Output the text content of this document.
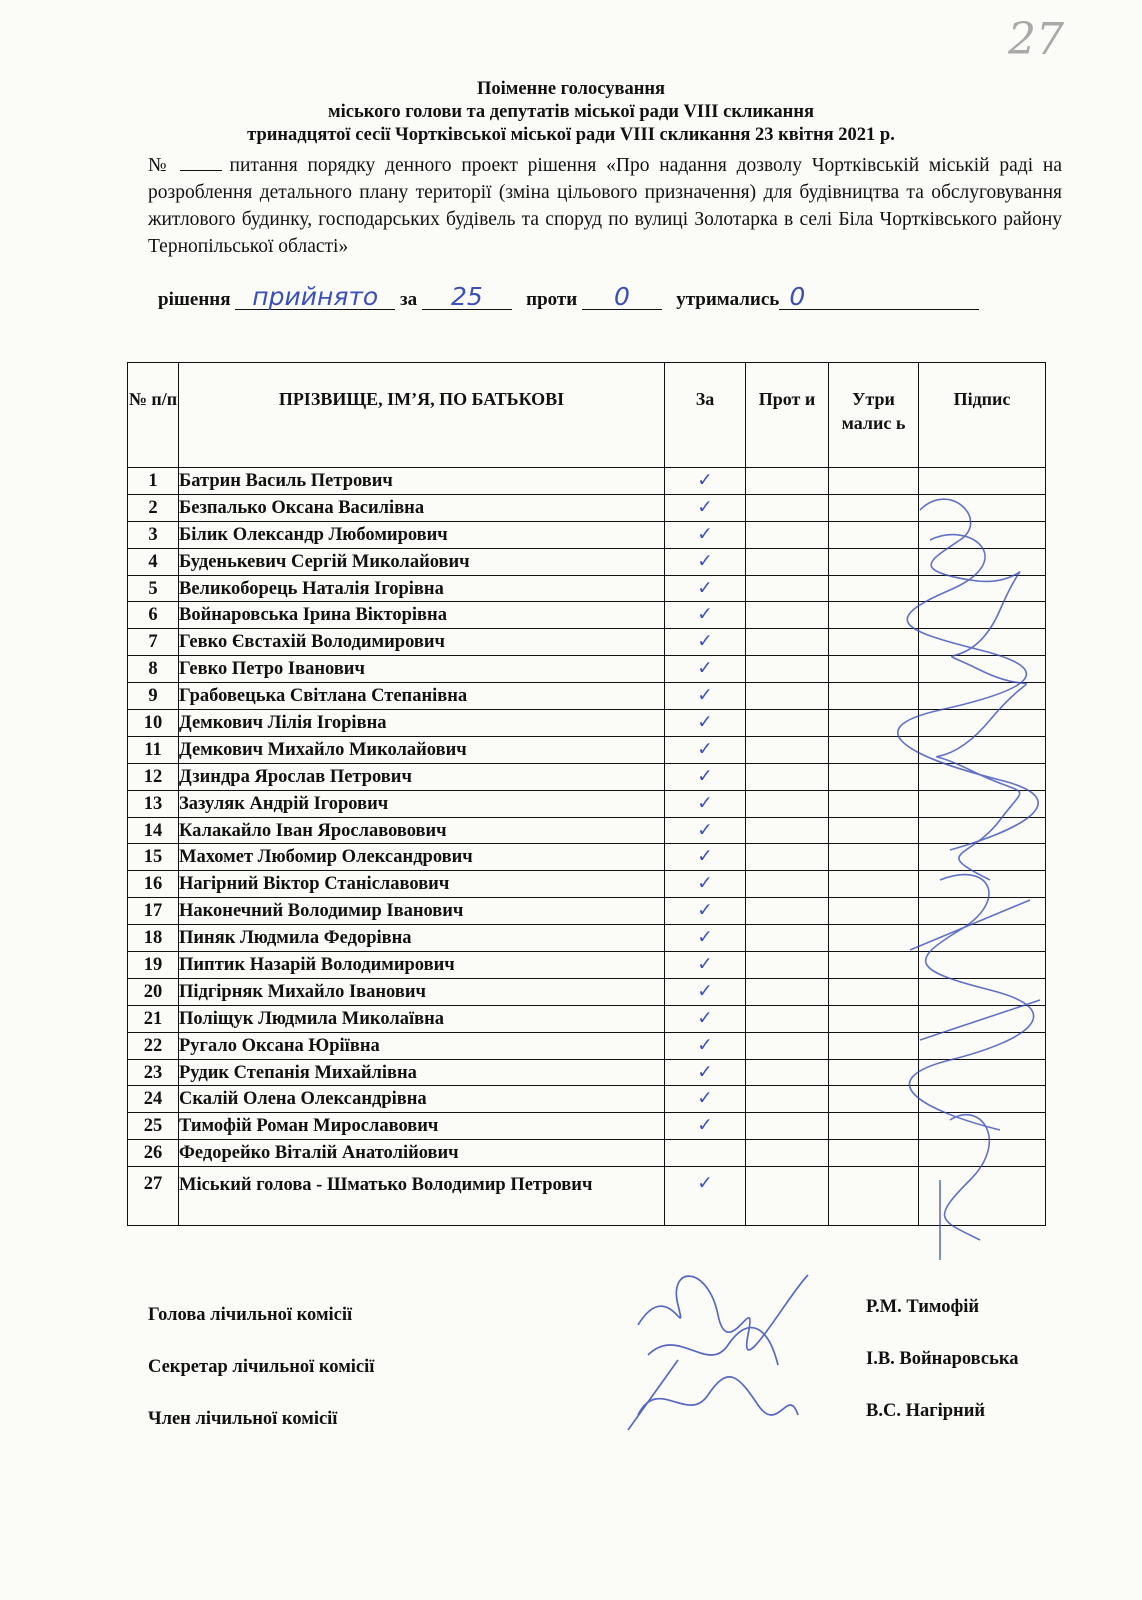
27
Поіменне голосування
міського голови та депутатів міської ради VIII скликання
тринадцятої сесії Чортківської міської ради VIII скликання 23 квітня 2021 р.
№	питання порядку денного проект рішення «Про надання дозволу Чортківській міській раді на розроблення детального плану території (зміна цільового призначення) для будівництва та обслуговування житлового будинку, господарських будівель та споруд по вулиці Золотарка в селі Біла Чортківського району Тернопільської області»
рішення прийнято за 25 проти 0 утримались 0
№ п/п	ПРІЗВИЩЕ, ІМ’Я, ПО БАТЬКОВІ	За	Прот и	Утри малис ь	Підпис
1	Батрин Василь Петрович	✓			
2	Безпалько Оксана Василівна	✓			
3	Білик Олександр Любомирович	✓			
4	Буденькевич Сергій Миколайович	✓			
5	Великоборець Наталія Ігорівна	✓			
6	Войнаровська Ірина Вікторівна	✓			
7	Гевко Євстахій Володимирович	✓			
8	Гевко Петро Іванович	✓			
9	Грабовецька Світлана Степанівна	✓			
10	Демкович Лілія Ігорівна	✓			
11	Демкович Михайло Миколайович	✓			
12	Дзиндра Ярослав Петрович	✓			
13	Зазуляк Андрій Ігорович	✓			
14	Калакайло Іван Ярославовович	✓			
15	Махомет Любомир Олександрович	✓			
16	Нагірний Віктор Станіславович	✓			
17	Наконечний Володимир Іванович	✓			
18	Пиняк Людмила Федорівна	✓			
19	Пиптик Назарій Володимирович	✓			
20	Підгірняк Михайло Іванович	✓			
21	Поліщук Людмила Миколаївна	✓			
22	Ругало Оксана Юріївна	✓			
23	Рудик Степанія Михайлівна	✓			
24	Скалій Олена Олександрівна	✓			
25	Тимофій Роман Мирославович	✓			
26	Федорейко Віталій Анатолійович				
27	Міський голова - Шматько Володимир Петрович	✓			
Голова лічильної комісії	Р.М. Тимофій
Секретар лічильної комісії	І.В. Войнаровська
Член лічильної комісії	В.С. Нагірний
